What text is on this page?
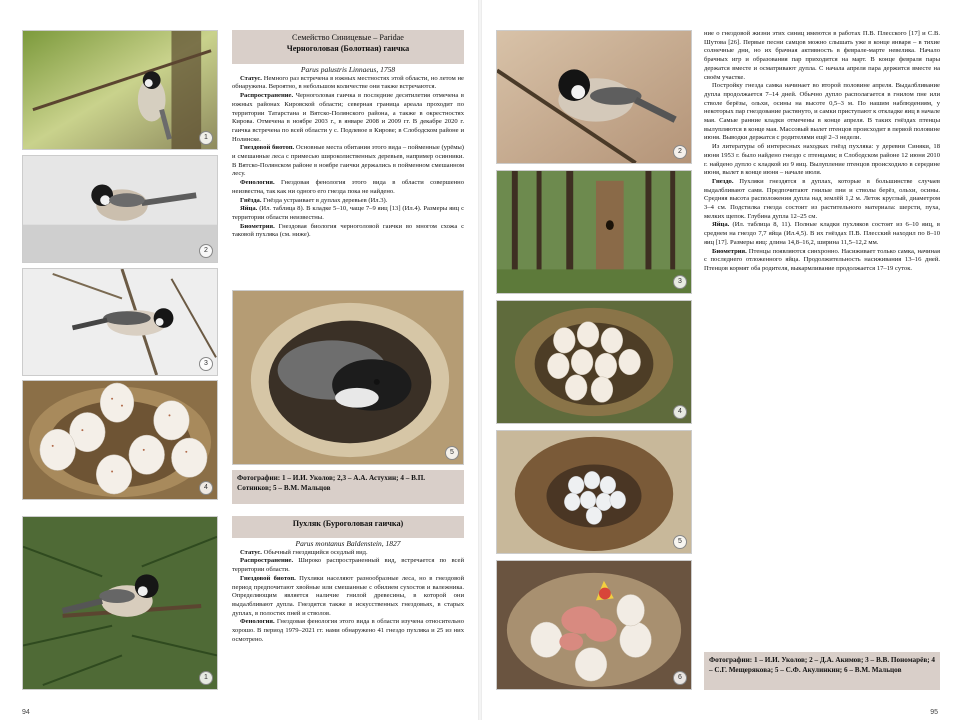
1
2
3
4
1
5
Семейство Синицевые – Paridae
Черноголовая (Болотная) гаичка
Parus palustris Linnaeus, 1758

Статус. Немного раз встречена в южных местностях этой области, но летом не обнаружена. Вероятно, в небольшом количестве они также встречаются.

Распространение. Черноголовая гаичка в последние десятилетия отмечена в южных районах Кировской области; северная граница ареала проходит по территории Татарстана и Вятско-Полянского района, а также в окрестностях Кирова. Отмечена в ноябре 2003 г., в январе 2008 и 2009 гг. В декабре 2020 г. гаичка встречена по всей области у с. Подлевое в Кирове; в Слободском районе и Нолинске.

Гнездовой биотоп. Основные места обитания этого вида – пойменные (урёмы) и смешанные леса с примесью широколиственных деревьев, например осинники. В Вятско-Полянском районе в ноябре гаички держались в пойменном смешанном лесу.

Фенология. Гнездовая фенология этого вида в области совершенно неизвестна, так как ни одного его гнезда пока не найдено.

Гнёзда. Гнёзда устраивает в дуплах деревьев (Ил.3).

Яйца. (Ил. таблица 8). В кладке 5–10, чаще 7–9 яиц [13] (Ил.4). Размеры яиц с территории области неизвестны.

Биометрия. Гнездовая биология черноголовой гаички во многом схожа с таковой пухляка (см. ниже).

Фотографии: 1 – И.И. Уколов; 2,3 – А.А. Астухин; 4 – В.П. Сотников; 5 – В.М. Мальцов
Пухляк (Буроголовая гаичка)
Parus montanus Baldenstein, 1827

Статус. Обычный гнездящийся оседлый вид.

Распространение. Широко распространенный вид, встречается по всей территории области.

Гнездовой биотоп. Пухляки населяют разнообразные леса, но в гнездовой период предпочитают хвойные или смешанные с обилием сухостоя и валежника. Определяющим является наличие гнилой древесины, в которой они выдалбливают дупла. Гнездятся также в искусственных гнездовьях, в старых дуплах, в полостях пней и стволов.

Фенология. Гнездовая фенология этого вида в области изучена относительно хорошо. В период 1979–2021 гг. нами обнаружено 41 гнездо пухляка и 25 из них осмотрено.

94
2
3
4
5
6

ние о гнездовой жизни этих синиц имеются в работах П.В. Плесского [17] и С.В. Шутова [26]. Первые песни самцов можно слышать уже в конце января – в тихие солнечные дни, но их брачная активность в феврале-марте невелика. Начало брачных игр и образования пар приходится на март. В конце февраля пары держатся вместе и осматривают дупла. С начала апреля пара держится вместе на своём участке.

Постройку гнезда самка начинает во второй половине апреля. Выдалбливание дупла продолжается 7–14 дней. Обычно дупло располагается в гнилом пне или стволе берёзы, ольхи, осины на высоте 0,5–3 м. По нашим наблюдениям, у некоторых пар гнездование растянуто, и самки приступают к откладке яиц в начале мая. Самые ранние кладки отмечены в конце апреля. В таких гнёздах птенцы вылупляются в конце мая. Массовый вылет птенцов происходит в первой половине июня. Выводки держатся с родителями ещё 2–3 недели.

Из литературы об интересных находках гнёзд пухляка: у деревни Синяки, 18 июня 1953 г. было найдено гнездо с птенцами; в Слободском районе 12 июня 2010 г. найдено дупло с кладкой из 9 яиц. Вылупление птенцов происходило в середине июня, вылет в конце июня – начале июля.

Гнездо. Пухляки гнездятся в дуплах, которые в большинстве случаев выдалбливают сами. Предпочитают гнилые пни и стволы берёз, ольхи, осины. Средняя высота расположения дупла над землёй 1,2 м. Леток круглый, диаметром 3–4 см. Подстилка гнезда состоит из растительного материала: шерсти, пуха, мелких щепок. Глубина дупла 12–25 см.

Яйца. (Ил. таблица 8, 11). Полные кладки пухляков состоят из 6–10 яиц, в среднем на гнездо 7,7 яйца (Ил.4,5). В их гнёздах П.В. Плесский находил по 8–10 яиц [17]. Размеры яиц: длина 14,8–16,2, ширина 11,5–12,2 мм.

Биометрия. Птенцы появляются синхронно. Насиживает только самка, начиная с последнего отложенного яйца. Продолжительность насиживания 13–16 дней. Птенцов кормят оба родителя, выкармливание продолжается 17–19 суток.

Фотографии: 1 – И.И. Уколов; 2 – Д.А. Акимов; 3 – В.В. Пономарёв; 4 – С.Г. Мещерякова; 5 – С.Ф. Акулинкин; 6 – В.М. Мальцов
95
